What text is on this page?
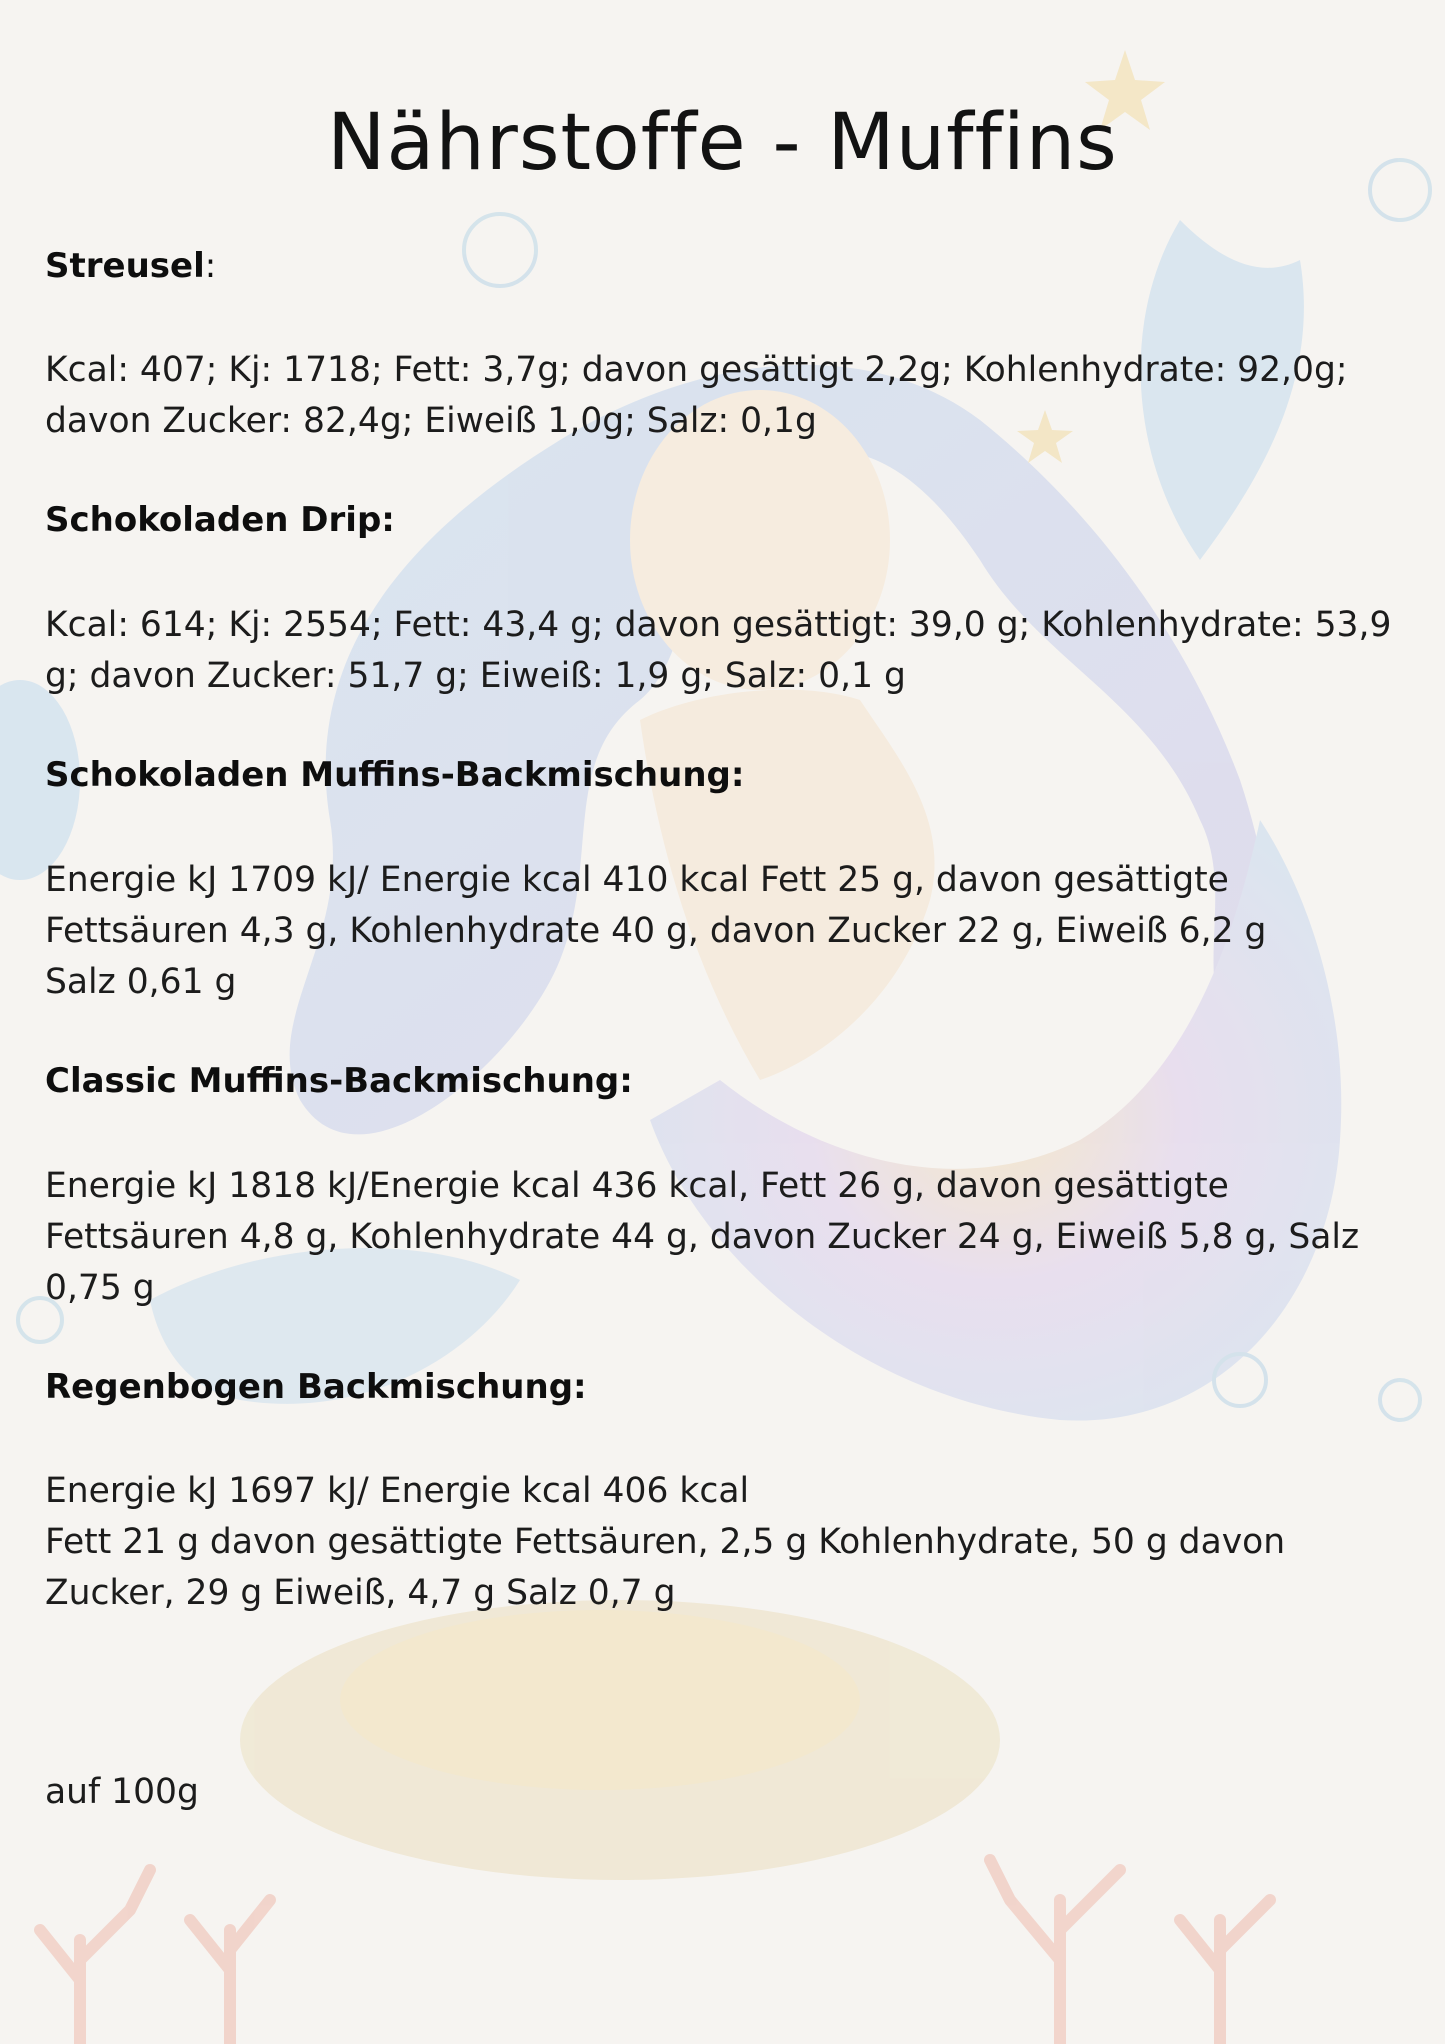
Nährstoffe - Muffins
Streusel:

Kcal: 407; Kj: 1718; Fett: 3,7g; davon gesättigt 2,2g; Kohlenhydrate: 92,0g;
davon Zucker: 82,4g; Eiweiß 1,0g; Salz: 0,1g

Schokoladen Drip:

Kcal: 614; Kj: 2554; Fett: 43,4 g; davon gesättigt: 39,0 g; Kohlenhydrate: 53,9
g; davon Zucker: 51,7 g; Eiweiß: 1,9 g; Salz: 0,1 g

Schokoladen Muffins-Backmischung:

Energie kJ 1709 kJ/ Energie kcal 410 kcal Fett 25 g, davon gesättigte
Fettsäuren 4,3 g, Kohlenhydrate 40 g, davon Zucker 22 g, Eiweiß 6,2 g
Salz 0,61 g

Classic Muffins-Backmischung:

Energie kJ 1818 kJ/Energie kcal 436 kcal, Fett 26 g, davon gesättigte
Fettsäuren 4,8 g, Kohlenhydrate 44 g, davon Zucker 24 g, Eiweiß 5,8 g, Salz
0,75 g

Regenbogen Backmischung:

Energie kJ 1697 kJ/ Energie kcal 406 kcal
Fett 21 g davon gesättigte Fettsäuren, 2,5 g Kohlenhydrate, 50 g davon
Zucker, 29 g Eiweiß, 4,7 g Salz 0,7 g

auf 100g
